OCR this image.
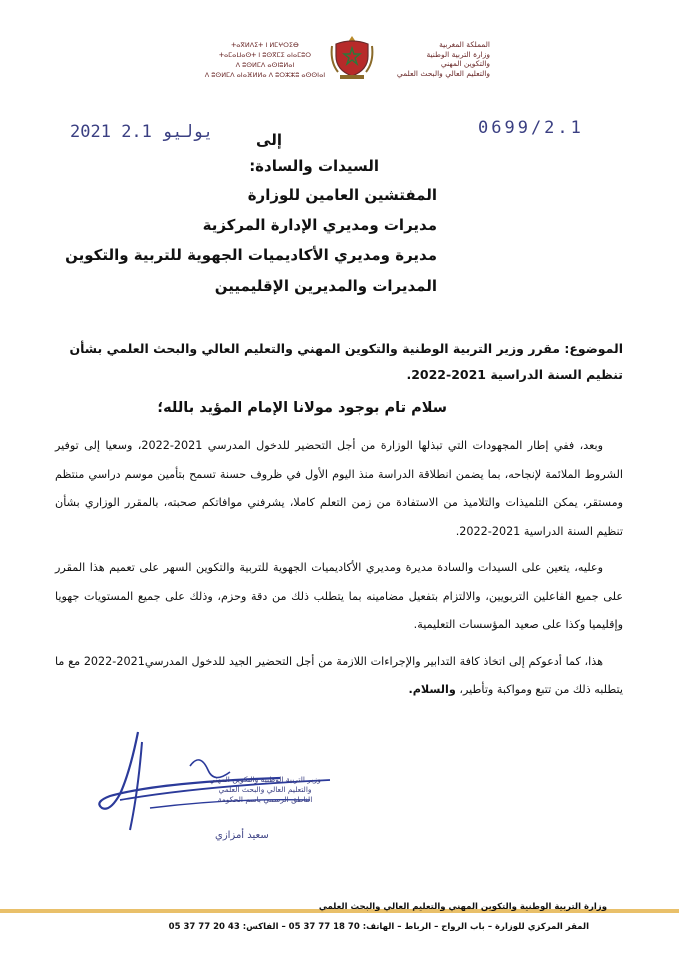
ⵜⴰⴳⵍⴷⵉⵜ ⵏ ⵍⵎⵖⵔⵉⴱ
ⵜⴰⵎⴰⵡⴰⵙⵜ ⵏ ⵓⵙⴳⵎⵉ ⴰⵏⴰⵎⵓⵔ
ⴷ ⵓⵙⵍⵎⴷ ⴰⵙⵏⵓⵍⴰⵏ
ⴷ ⵓⵙⵍⵎⴷ ⴰⵏⴰⴼⵍⵍⴰ ⴷ ⵓⵔⵣⵣⵓ ⴰⵙⵙⵏⴰⵏ
المملكة المغربية
وزارة التربية الوطنية
والتكوين المهني
والتعليم العالي والبحث العلمي
2021 يوليو 2.1	0699/2.1
إلى
السيدات والسادة:
المفتشين العامين للوزارة
مديرات ومديري الإدارة المركزية
مديرة ومديري الأكاديميات الجهوية للتربية والتكوين
المديرات والمديرين الإقليميين
الموضوع: مقرر وزير التربية الوطنية والتكوين المهني والتعليم العالي والبحث العلمي بشأن تنظيم السنة الدراسية 2021-2022.
سلام تام بوجود مولانا الإمام المؤيد بالله؛

وبعد، ففي إطار المجهودات التي تبذلها الوزارة من أجل التحضير للدخول المدرسي 2021-2022، وسعيا إلى توفير الشروط الملائمة لإنجاحه، بما يضمن انطلاقة الدراسة منذ اليوم الأول في ظروف حسنة تسمح بتأمين موسم دراسي منتظم ومستقر، يمكن التلميذات والتلاميذ من الاستفادة من زمن التعلم كاملا، يشرفني موافاتكم صحبته، بالمقرر الوزاري بشأن تنظيم السنة الدراسية 2021-2022.

وعليه، يتعين على السيدات والسادة مديرة ومديري الأكاديميات الجهوية للتربية والتكوين السهر على تعميم هذا المقرر على جميع الفاعلين التربويين، والالتزام بتفعيل مضامينه بما يتطلب ذلك من دقة وحزم، وذلك على جميع المستويات جهويا وإقليميا وكذا على صعيد المؤسسات التعليمية.

هذا، كما أدعوكم إلى اتخاذ كافة التدابير والإجراءات اللازمة من أجل التحضير الجيد للدخول المدرسي2021-2022 مع ما يتطلبه ذلك من تتبع ومواكبة وتأطير، والسلام.

وزير التربية الوطنية والتكوين المهني
والتعليم العالي والبحث العلمي
الناطق الرسمي باسم الحكومة
سعيد أمزازي
وزارة التربية الوطنية والتكوين المهني والتعليم العالي والبحث العلمي
المقر المركزي للوزارة – باب الرواح – الرباط – الهاتف: 70 18 77 37 05 – الفاكس: 43 20 77 37 05
